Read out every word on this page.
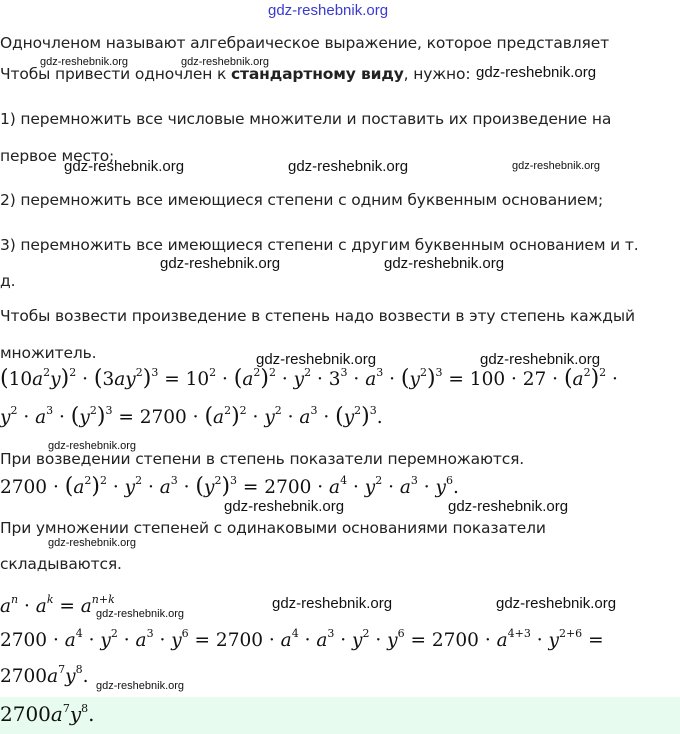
gdz-reshebnik.org
Одночленом называют алгебраическое выражение, которое представляет
Чтобы привести одночлен к стандартному виду, нужно:
1) перемножить все числовые множители и поставить их произведение на
первое место;
2) перемножить все имеющиеся степени с одним буквенным основанием;
3) перемножить все имеющиеся степени с другим буквенным основанием и т.
д.
Чтобы возвести произведение в степень надо возвести в эту степень каждый
множитель.
$(10a^2y)^2 \cdot (3ay^2)^3 = 10^2 \cdot (a^2)^2 \cdot y^2 \cdot 3^3 \cdot a^3 \cdot (y^2)^3 = 100 \cdot 27 \cdot (a^2)^2$ ·
$y^2 \cdot a^3 \cdot (y^2)^3 = 2700 \cdot (a^2)^2 \cdot y^2 \cdot a^3 \cdot (y^2)^3$.
При возведении степени в степень показатели перемножаются.
$2700 \cdot (a^2)^2 \cdot y^2 \cdot a^3 \cdot (y^2)^3 = 2700 \cdot a^4 \cdot y^2 \cdot a^3 \cdot y^6$.
При умножении степеней с одинаковыми основаниями показатели
складываются.
$a^n \cdot a^k = a^{n+k}$
$2700 \cdot a^4 \cdot y^2 \cdot a^3 \cdot y^6 = 2700 \cdot a^4 \cdot a^3 \cdot y^2 \cdot y^6 = 2700 \cdot a^{4+3} \cdot y^{2+6}$ =
$2700a^7y^8$.
$2700a^7y^8$.
gdz-reshebnik.org	gdz-reshebnik.org
gdz-reshebnik.org
gdz-reshebnik.org	gdz-reshebnik.org	gdz-reshebnik.org
gdz-reshebnik.org	gdz-reshebnik.org
gdz-reshebnik.org	gdz-reshebnik.org
gdz-reshebnik.org
gdz-reshebnik.org	gdz-reshebnik.org
gdz-reshebnik.org
gdz-reshebnik.org	gdz-reshebnik.org
gdz-reshebnik.org
gdz-reshebnik.org
